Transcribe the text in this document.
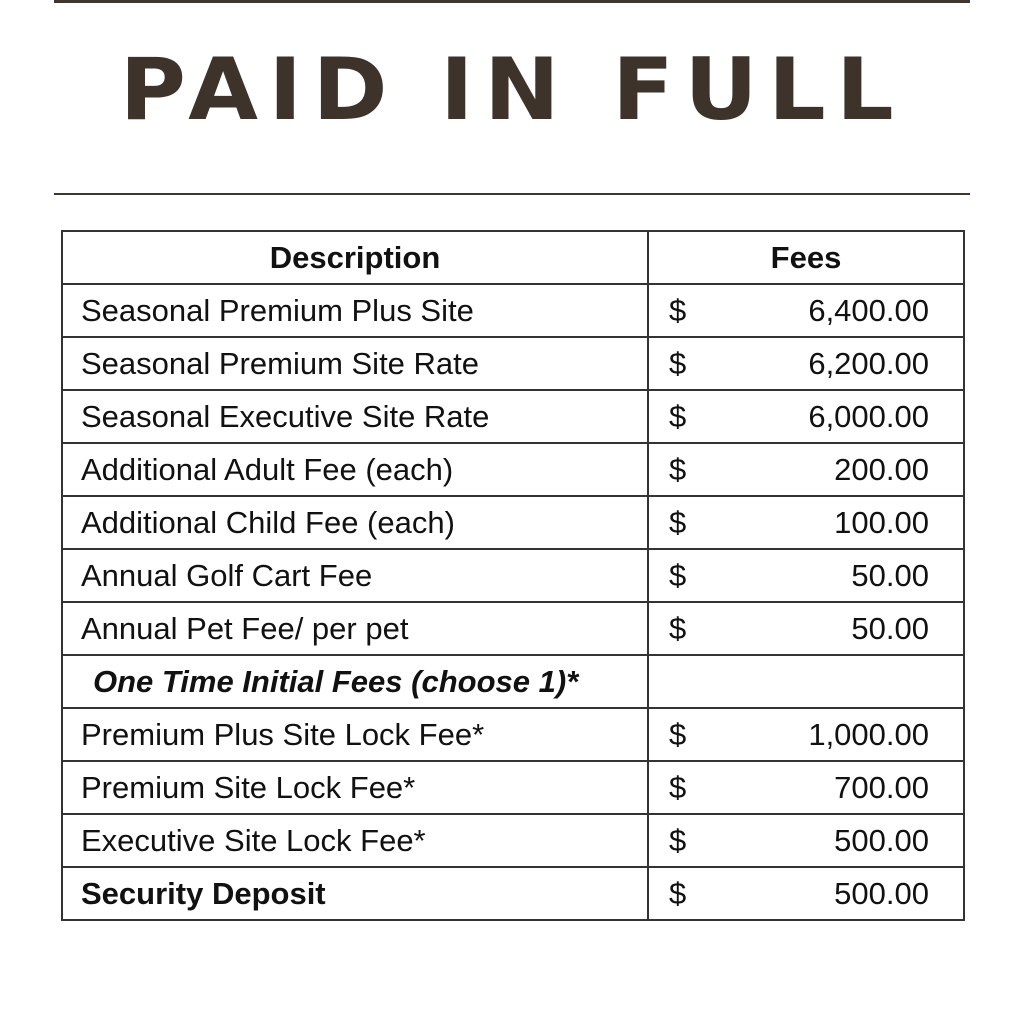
PAID IN FULL
Description	Fees
Seasonal Premium Plus Site	$ 6,400.00

Seasonal Premium Site Rate	$ 6,200.00

Seasonal Executive Site Rate	$ 6,000.00

Additional Adult Fee (each)	$ 200.00

Additional Child Fee (each)	$ 100.00

Annual Golf Cart Fee	$ 50.00

Annual Pet Fee/ per pet	$ 50.00

One Time Initial Fees (choose 1)*	

Premium Plus Site Lock Fee*	$ 1,000.00

Premium Site Lock Fee*	$ 700.00

Executive Site Lock Fee*	$ 500.00

Security Deposit	$ 500.00
